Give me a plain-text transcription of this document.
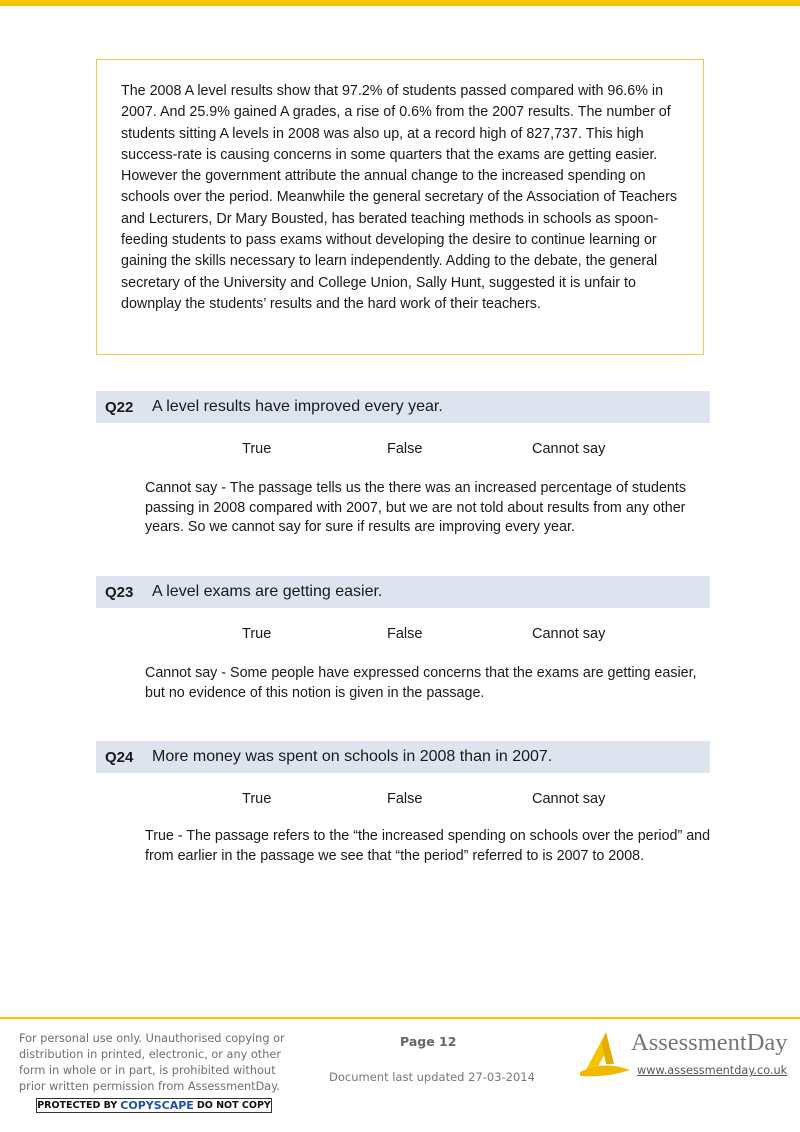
The 2008 A level results show that 97.2% of students passed compared with 96.6% in 2007. And 25.9% gained A grades, a rise of 0.6% from the 2007 results. The number of students sitting A levels in 2008 was also up, at a record high of 827,737. This high success-rate is causing concerns in some quarters that the exams are getting easier. However the government attribute the annual change to the increased spending on schools over the period. Meanwhile the general secretary of the Association of Teachers and Lecturers, Dr Mary Bousted, has berated teaching methods in schools as spoon-feeding students to pass exams without developing the desire to continue learning or gaining the skills necessary to learn independently. Adding to the debate, the general secretary of the University and College Union, Sally Hunt, suggested it is unfair to downplay the students’ results and the hard work of their teachers.

Q22	A level results have improved every year.
True	False	Cannot say

Cannot say - The passage tells us the there was an increased percentage of students passing in 2008 compared with 2007, but we are not told about results from any other years. So we cannot say for sure if results are improving every year.

Q23	A level exams are getting easier.
True	False	Cannot say

Cannot say - Some people have expressed concerns that the exams are getting easier, but no evidence of this notion is given in the passage.

Q24	More money was spent on schools in 2008 than in 2007.
True	False	Cannot say

True - The passage refers to the “the increased spending on schools over the period” and from earlier in the passage we see that “the period” referred to is 2007 to 2008.

For personal use only. Unauthorised copying or
distribution in printed, electronic, or any other
form in whole or in part, is prohibited without
prior written permission from AssessmentDay.
PROTECTED BY COPYSCAPE DO NOT COPY
Page 12
Document last updated 27-03-2014
AssessmentDay
www.assessmentday.co.uk
